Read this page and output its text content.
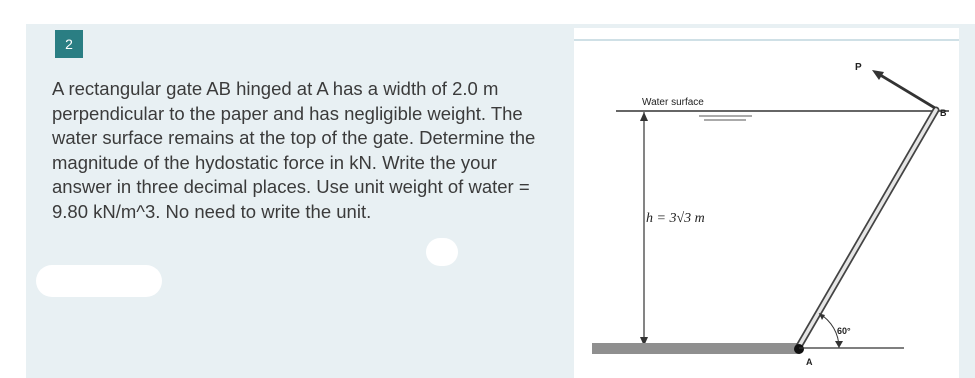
2
A rectangular gate AB hinged at A has a width of 2.0 m perpendicular to the paper and has negligible weight. The water surface remains at the top of the gate. Determine the magnitude of the hydostatic force in kN. Write the your answer in three decimal places. Use unit weight of water = 9.80 kN/m^3. No need to write the unit.
Water surface
h = 3√3 m
A
B
P
60°
